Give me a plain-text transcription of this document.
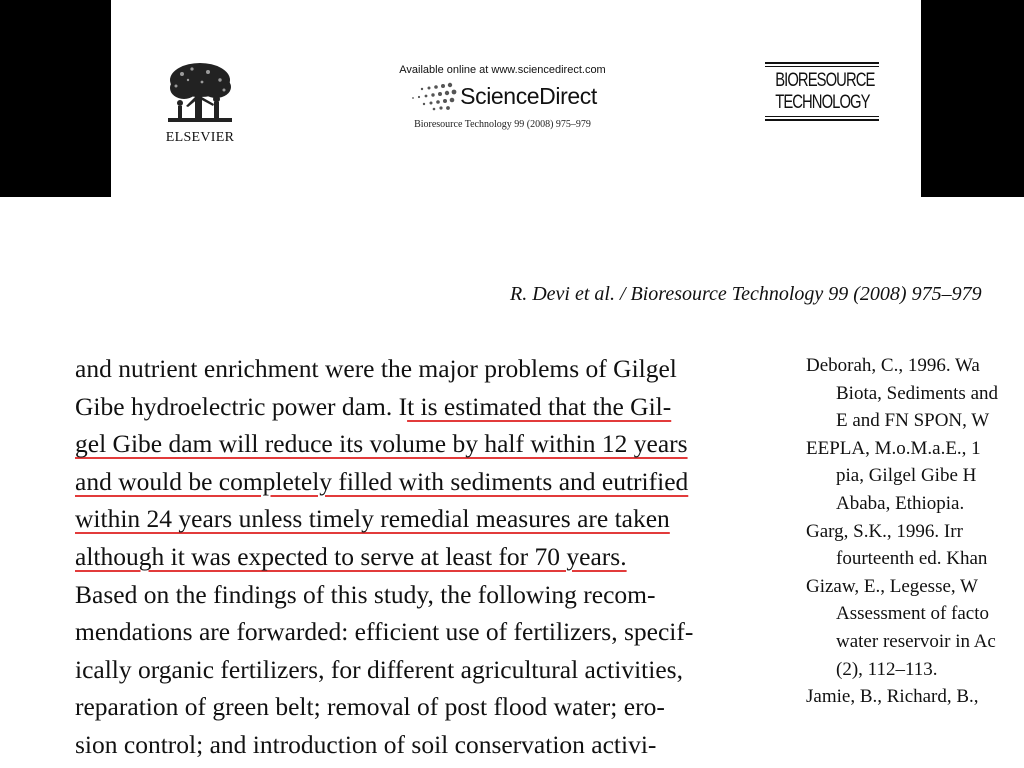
ELSEVIER
Available online at www.sciencedirect.com
ScienceDirect
Bioresource Technology 99 (2008) 975–979
BIORESOURCE
TECHNOLOGY
R. Devi et al. / Bioresource Technology 99 (2008) 975–979
and nutrient enrichment were the major problems of Gilgel
Gibe hydroelectric power dam. I t is estimated that the Gil-
gel Gibe dam will reduce its volume by half within 12 years
and would be completely filled with sediments and eutrified
within 24 years unless timely remedial measures are taken
although it was expected to serve at least for 70 years.
Based on the findings of this study, the following recom-
mendations are forwarded: efficient use of fertilizers, specif-
ically organic fertilizers, for different agricultural activities,
reparation of green belt; removal of post flood water; ero-
sion control; and introduction of soil conservation activi-
Deborah, C., 1996. Wa
Biota, Sediments and
E and FN SPON, W
EEPLA, M.o.M.a.E., 1
pia, Gilgel Gibe H
Ababa, Ethiopia.
Garg, S.K., 1996. Irr
fourteenth ed. Khan
Gizaw, E., Legesse, W
Assessment of facto
water reservoir in Ac
(2), 112–113.
Jamie, B., Richard, B.,
